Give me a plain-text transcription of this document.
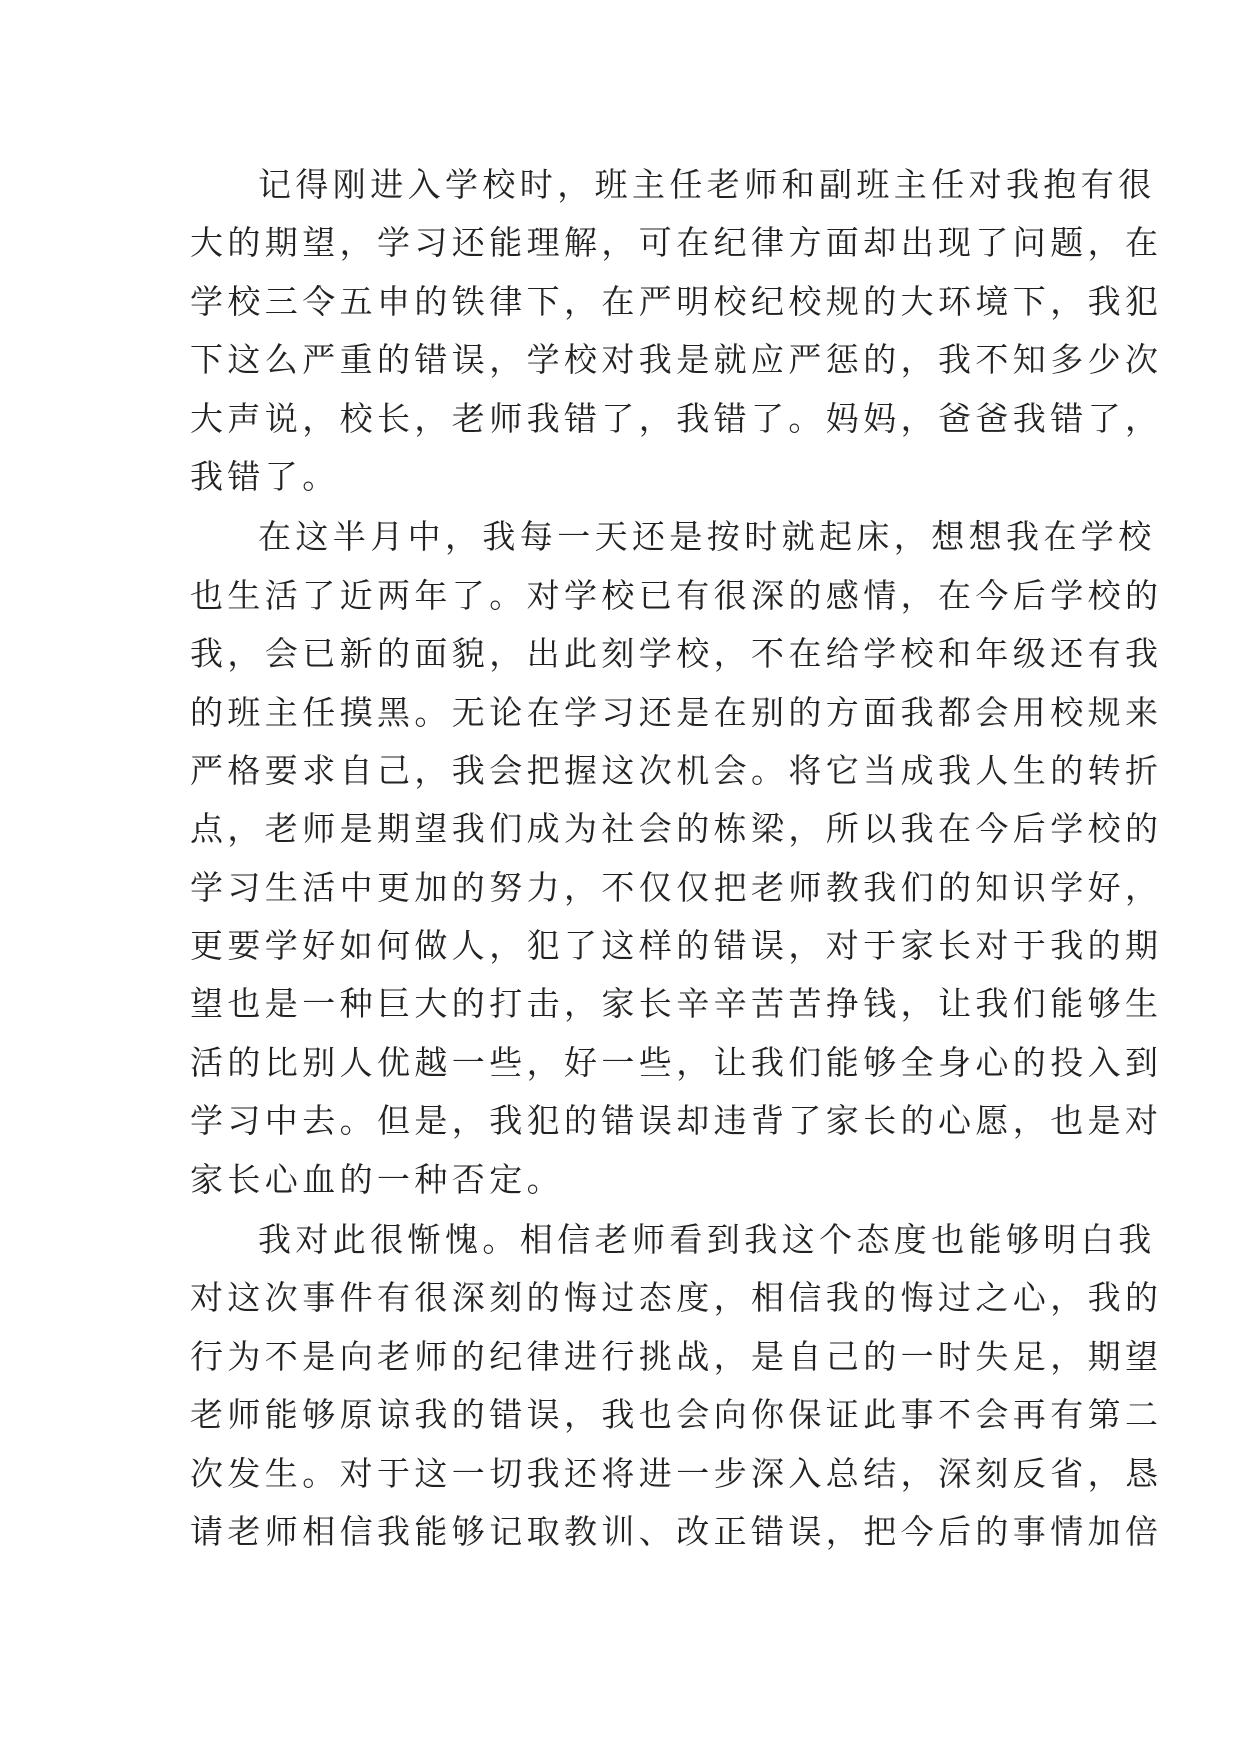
记得刚进入学校时，班主任老师和副班主任对我抱有很
大的期望，学习还能理解，可在纪律方面却出现了问题，在
学校三令五申的铁律下，在严明校纪校规的大环境下，我犯
下这么严重的错误，学校对我是就应严惩的，我不知多少次
大声说，校长，老师我错了，我错了。妈妈，爸爸我错了，
我错了。

在这半月中，我每一天还是按时就起床，想想我在学校
也生活了近两年了。对学校已有很深的感情，在今后学校的
我，会已新的面貌，出此刻学校，不在给学校和年级还有我
的班主任摸黑。无论在学习还是在别的方面我都会用校规来
严格要求自己，我会把握这次机会。将它当成我人生的转折
点，老师是期望我们成为社会的栋梁，所以我在今后学校的
学习生活中更加的努力，不仅仅把老师教我们的知识学好，
更要学好如何做人，犯了这样的错误，对于家长对于我的期
望也是一种巨大的打击，家长辛辛苦苦挣钱，让我们能够生
活的比别人优越一些，好一些，让我们能够全身心的投入到
学习中去。但是，我犯的错误却违背了家长的心愿，也是对
家长心血的一种否定。

我对此很惭愧。相信老师看到我这个态度也能够明白我
对这次事件有很深刻的悔过态度，相信我的悔过之心，我的
行为不是向老师的纪律进行挑战，是自己的一时失足，期望
老师能够原谅我的错误，我也会向你保证此事不会再有第二
次发生。对于这一切我还将进一步深入总结，深刻反省，恳
请老师相信我能够记取教训、改正错误，把今后的事情加倍
